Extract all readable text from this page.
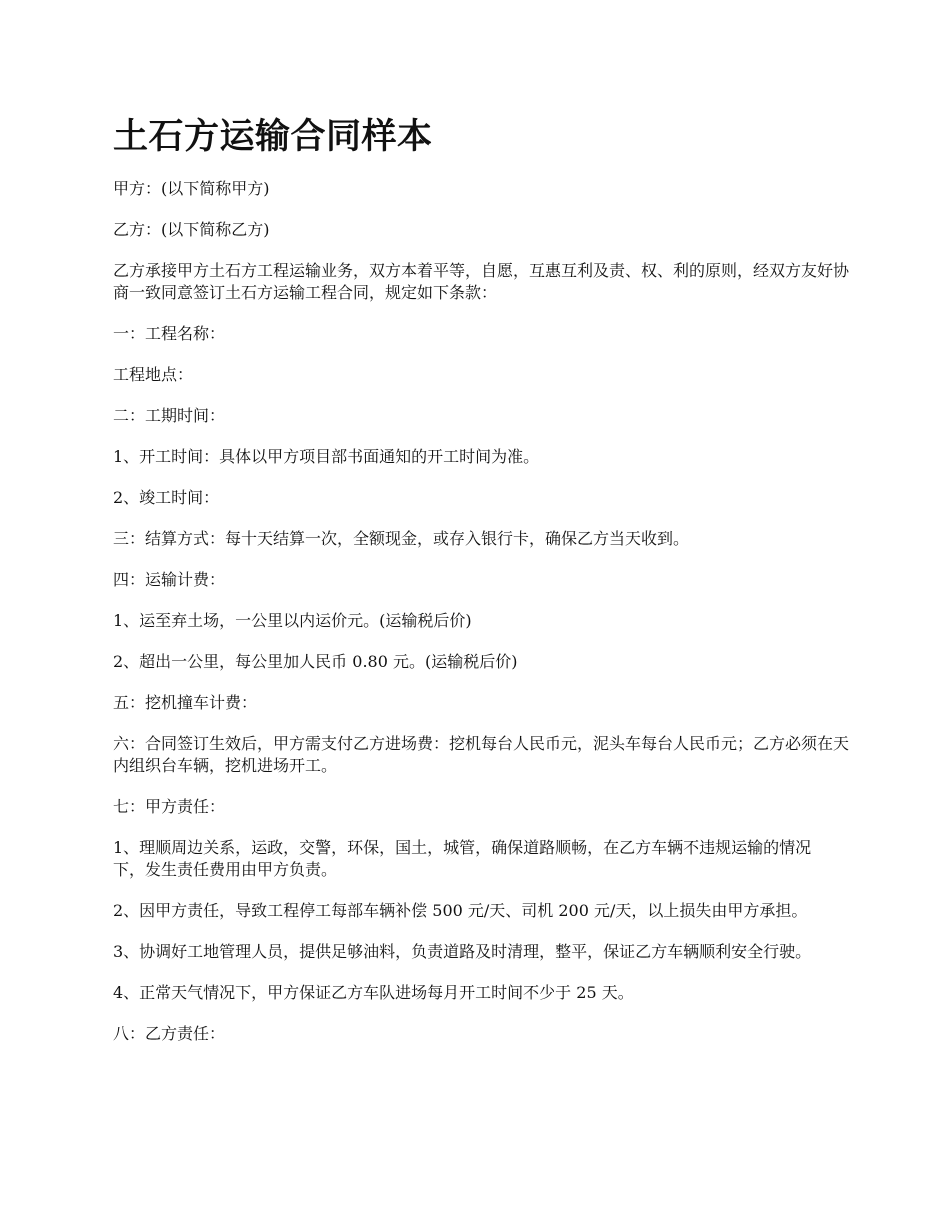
土石方运输合同样本

甲方：(以下简称甲方)

乙方：(以下简称乙方)

乙方承接甲方土石方工程运输业务，双方本着平等，自愿，互惠互利及责、权、利的原则，经双方友好协商一致同意签订土石方运输工程合同，规定如下条款：

一：工程名称：

工程地点：

二：工期时间：

1、开工时间：具体以甲方项目部书面通知的开工时间为准。

2、竣工时间：

三：结算方式：每十天结算一次，全额现金，或存入银行卡，确保乙方当天收到。

四：运输计费：

1、运至弃土场，一公里以内运价元。(运输税后价)

2、超出一公里，每公里加人民币 0.80 元。(运输税后价)

五：挖机撞车计费：

六：合同签订生效后，甲方需支付乙方进场费：挖机每台人民币元，泥头车每台人民币元；乙方必须在天内组织台车辆，挖机进场开工。

七：甲方责任：

1、理顺周边关系，运政，交警，环保，国土，城管，确保道路顺畅，在乙方车辆不违规运输的情况下，发生责任费用由甲方负责。

2、因甲方责任，导致工程停工每部车辆补偿 500 元/天、司机 200 元/天，以上损失由甲方承担。

3、协调好工地管理人员，提供足够油料，负责道路及时清理，整平，保证乙方车辆顺利安全行驶。

4、正常天气情况下，甲方保证乙方车队进场每月开工时间不少于 25 天。

八：乙方责任：
